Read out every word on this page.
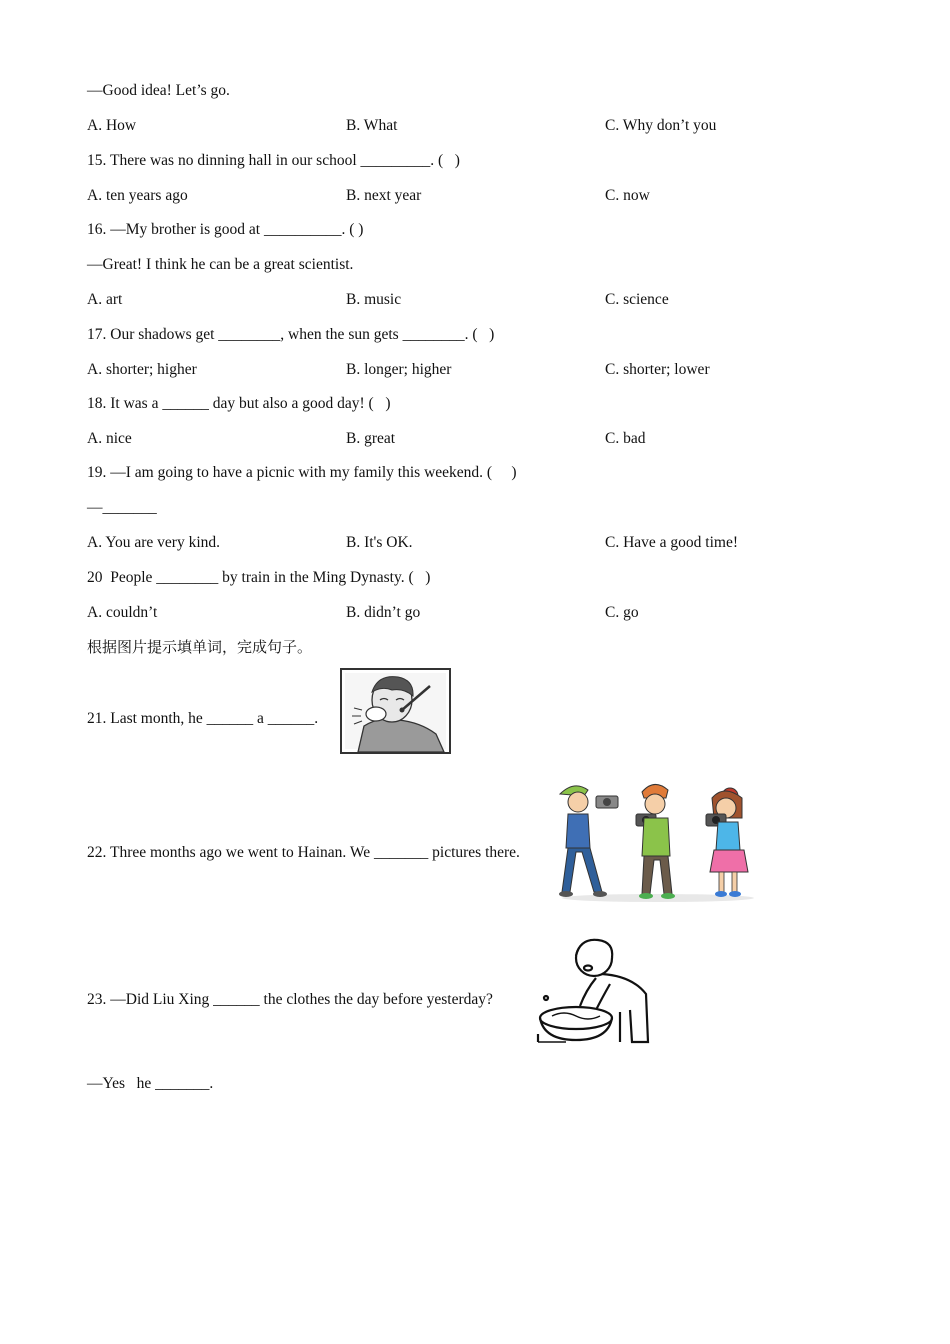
—Good idea! Let’s go.
A. How	B. What	C. Why don’t you
15. There was no dinning hall in our school _________. (   )
A. ten years ago	B. next year	C. now
16. —My brother is good at __________. ( )
—Great! I think he can be a great scientist.
A. art	B. music	C. science
17. Our shadows get ________, when the sun gets ________. (   )
A. shorter; higher	B. longer; higher	C. shorter; lower
18. It was a ______ day but also a good day! (   )
A. nice	B. great	C. bad
19. —I am going to have a picnic with my family this weekend. (     )
—_______
A. You are very kind.	B. It's OK.	C. Have a good time!
20  People ________ by train in the Ming Dynasty. (   )
A. couldn’t	B. didn’t go	C. go
根据图片提示填单词，完成句子。
21. Last month, he ______ a ______.
22. Three months ago we went to Hainan. We _______ pictures there.
23. —Did Liu Xing ______ the clothes the day before yesterday?
—Yes   he _______.
